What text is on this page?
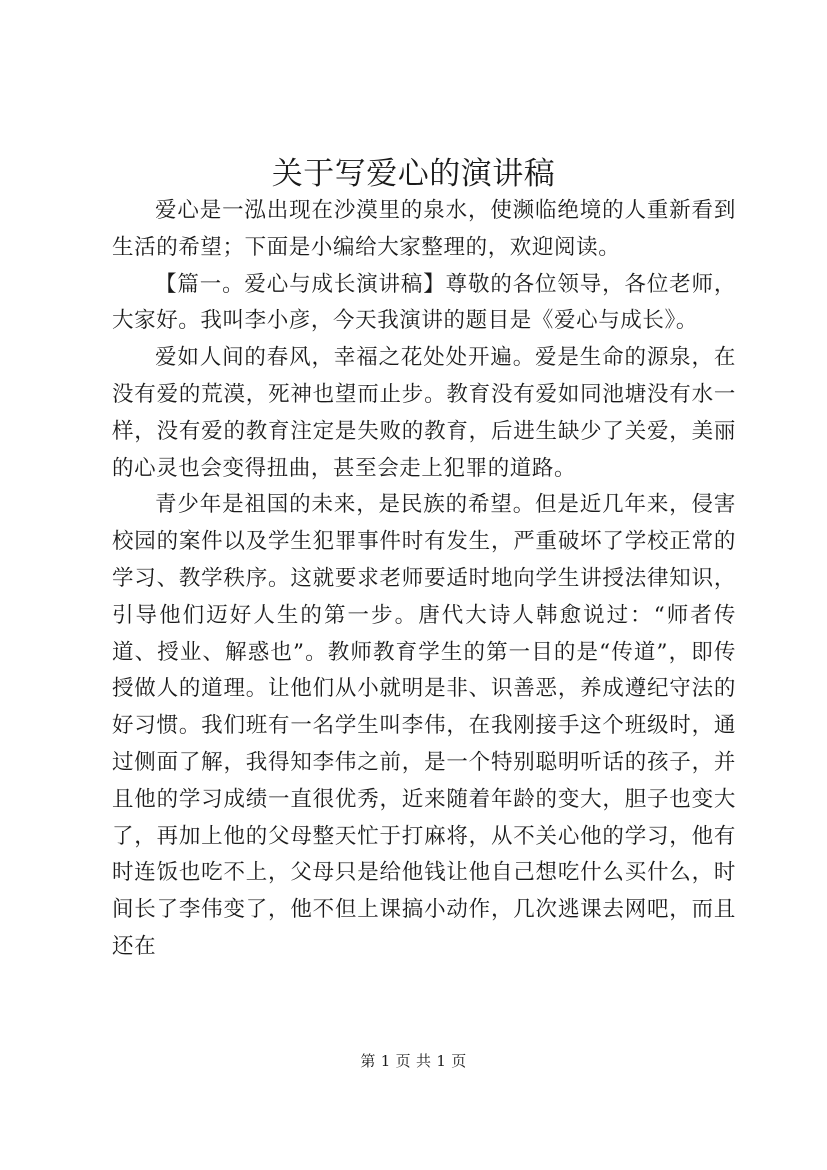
关于写爱心的演讲稿

爱心是一泓出现在沙漠里的泉水，使濒临绝境的人重新看到生活的希望；下面是小编给大家整理的，欢迎阅读。

【篇一。爱心与成长演讲稿】尊敬的各位领导，各位老师，大家好。我叫李小彦，今天我演讲的题目是《爱心与成长》。

爱如人间的春风，幸福之花处处开遍。爱是生命的源泉，在没有爱的荒漠，死神也望而止步。教育没有爱如同池塘没有水一样，没有爱的教育注定是失败的教育，后进生缺少了关爱，美丽的心灵也会变得扭曲，甚至会走上犯罪的道路。

青少年是祖国的未来，是民族的希望。但是近几年来，侵害校园的案件以及学生犯罪事件时有发生，严重破坏了学校正常的学习、教学秩序。这就要求老师要适时地向学生讲授法律知识，引导他们迈好人生的第一步。唐代大诗人韩愈说过：“师者传道、授业、解惑也”。教师教育学生的第一目的是“传道”，即传授做人的道理。让他们从小就明是非、识善恶，养成遵纪守法的好习惯。我们班有一名学生叫李伟，在我刚接手这个班级时，通过侧面了解，我得知李伟之前，是一个特别聪明听话的孩子，并且他的学习成绩一直很优秀，近来随着年龄的变大，胆子也变大了，再加上他的父母整天忙于打麻将，从不关心他的学习，他有时连饭也吃不上，父母只是给他钱让他自己想吃什么买什么，时间长了李伟变了，他不但上课搞小动作，几次逃课去网吧，而且还在

第 1 页 共 1 页
